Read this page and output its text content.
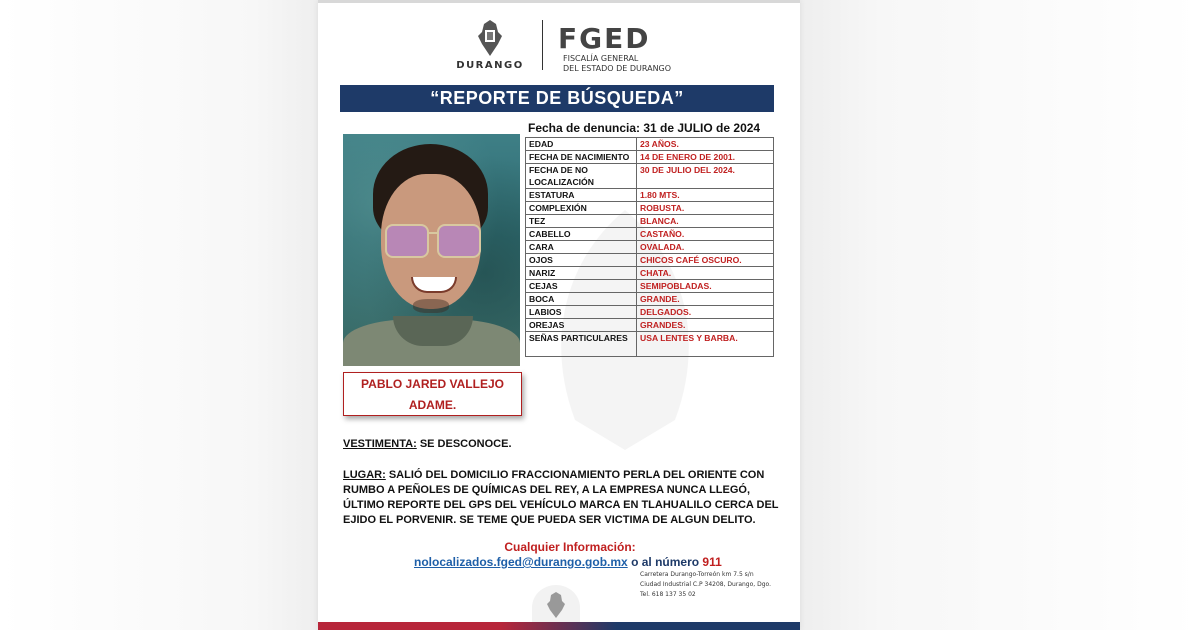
DURANGO
FGED
FISCALÍA GENERAL
DEL ESTADO DE DURANGO
“REPORTE DE BÚSQUEDA”
Fecha de denuncia: 31 de JULIO de 2024
PABLO JARED VALLEJO
ADAME.
EDAD	23 AÑOS.
FECHA DE NACIMIENTO	14 DE ENERO DE 2001.
FECHA DE NO LOCALIZACIÓN	30 DE JULIO DEL 2024.
ESTATURA	1.80 MTS.
COMPLEXIÓN	ROBUSTA.
TEZ	BLANCA.
CABELLO	CASTAÑO.
CARA	OVALADA.
OJOS	CHICOS CAFÉ OSCURO.
NARIZ	CHATA.
CEJAS	SEMIPOBLADAS.
BOCA	GRANDE.
LABIOS	DELGADOS.
OREJAS	GRANDES.
SEÑAS PARTICULARES	USA LENTES Y BARBA.
VESTIMENTA: SE DESCONOCE.
LUGAR: SALIÓ DEL DOMICILIO FRACCIONAMIENTO PERLA DEL ORIENTE CON RUMBO A PEÑOLES DE QUÍMICAS DEL REY, A LA EMPRESA NUNCA LLEGÓ, ÚLTIMO REPORTE DEL GPS DEL VEHÍCULO MARCA EN TLAHUALILO CERCA DEL EJIDO EL PORVENIR. SE TEME QUE PUEDA SER VICTIMA DE ALGUN DELITO.
Cualquier Información:
nolocalizados.fged@durango.gob.mx o al número 911
Carretera Durango-Torreón km 7.5 s/n
Ciudad Industrial C.P 34208, Durango, Dgo.
Tel. 618 137 35 02
